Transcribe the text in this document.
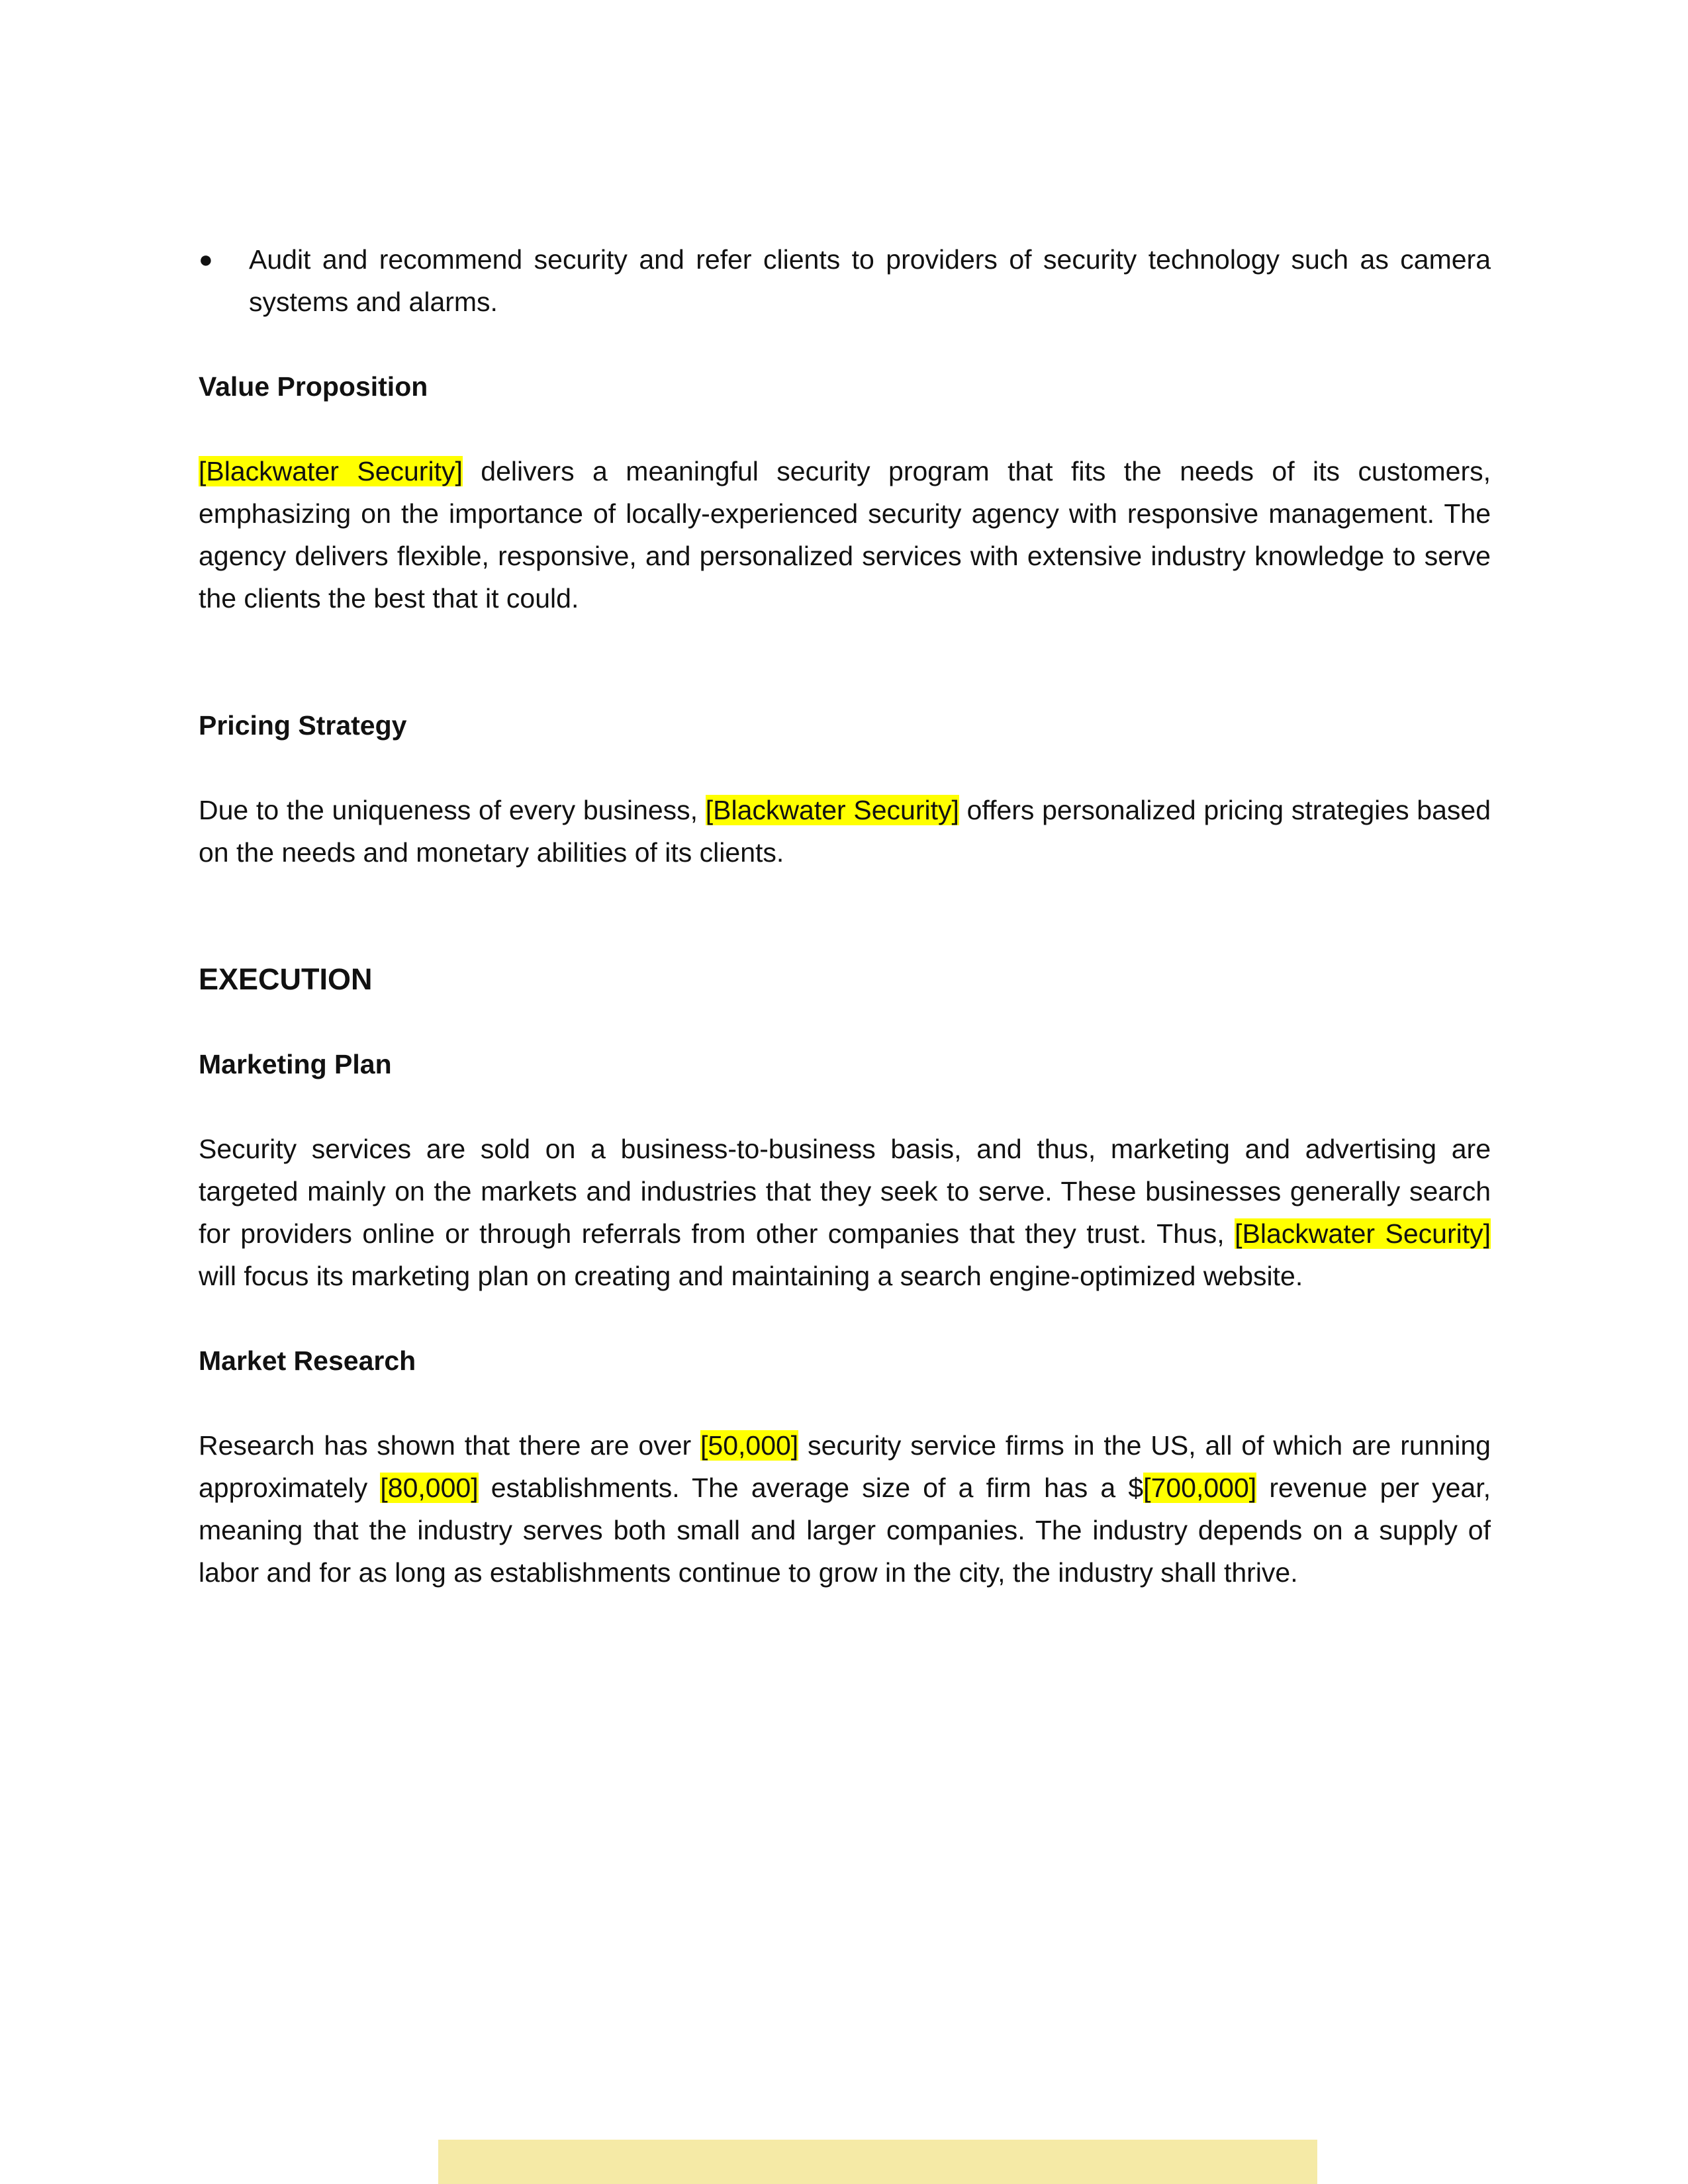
●	Audit and recommend security and refer clients to providers of security technology such as camera systems and alarms.

Value Proposition

[Blackwater Security] delivers a meaningful security program that fits the needs of its customers, emphasizing on the importance of locally-experienced security agency with responsive management. The agency delivers flexible, responsive, and personalized services with extensive industry knowledge to serve the clients the best that it could.

Pricing Strategy

Due to the uniqueness of every business, [Blackwater Security] offers personalized pricing strategies based on the needs and monetary abilities of its clients.

EXECUTION

Marketing Plan

Security services are sold on a business-to-business basis, and thus, marketing and advertising are targeted mainly on the markets and industries that they seek to serve. These businesses generally search for providers online or through referrals from other companies that they trust. Thus, [Blackwater Security] will focus its marketing plan on creating and maintaining a search engine-optimized website.

Market Research

Research has shown that there are over [50,000] security service firms in the US, all of which are running approximately [80,000] establishments. The average size of a firm has a $[700,000] revenue per year, meaning that the industry serves both small and larger companies. The industry depends on a supply of labor and for as long as establishments continue to grow in the city, the industry shall thrive.
